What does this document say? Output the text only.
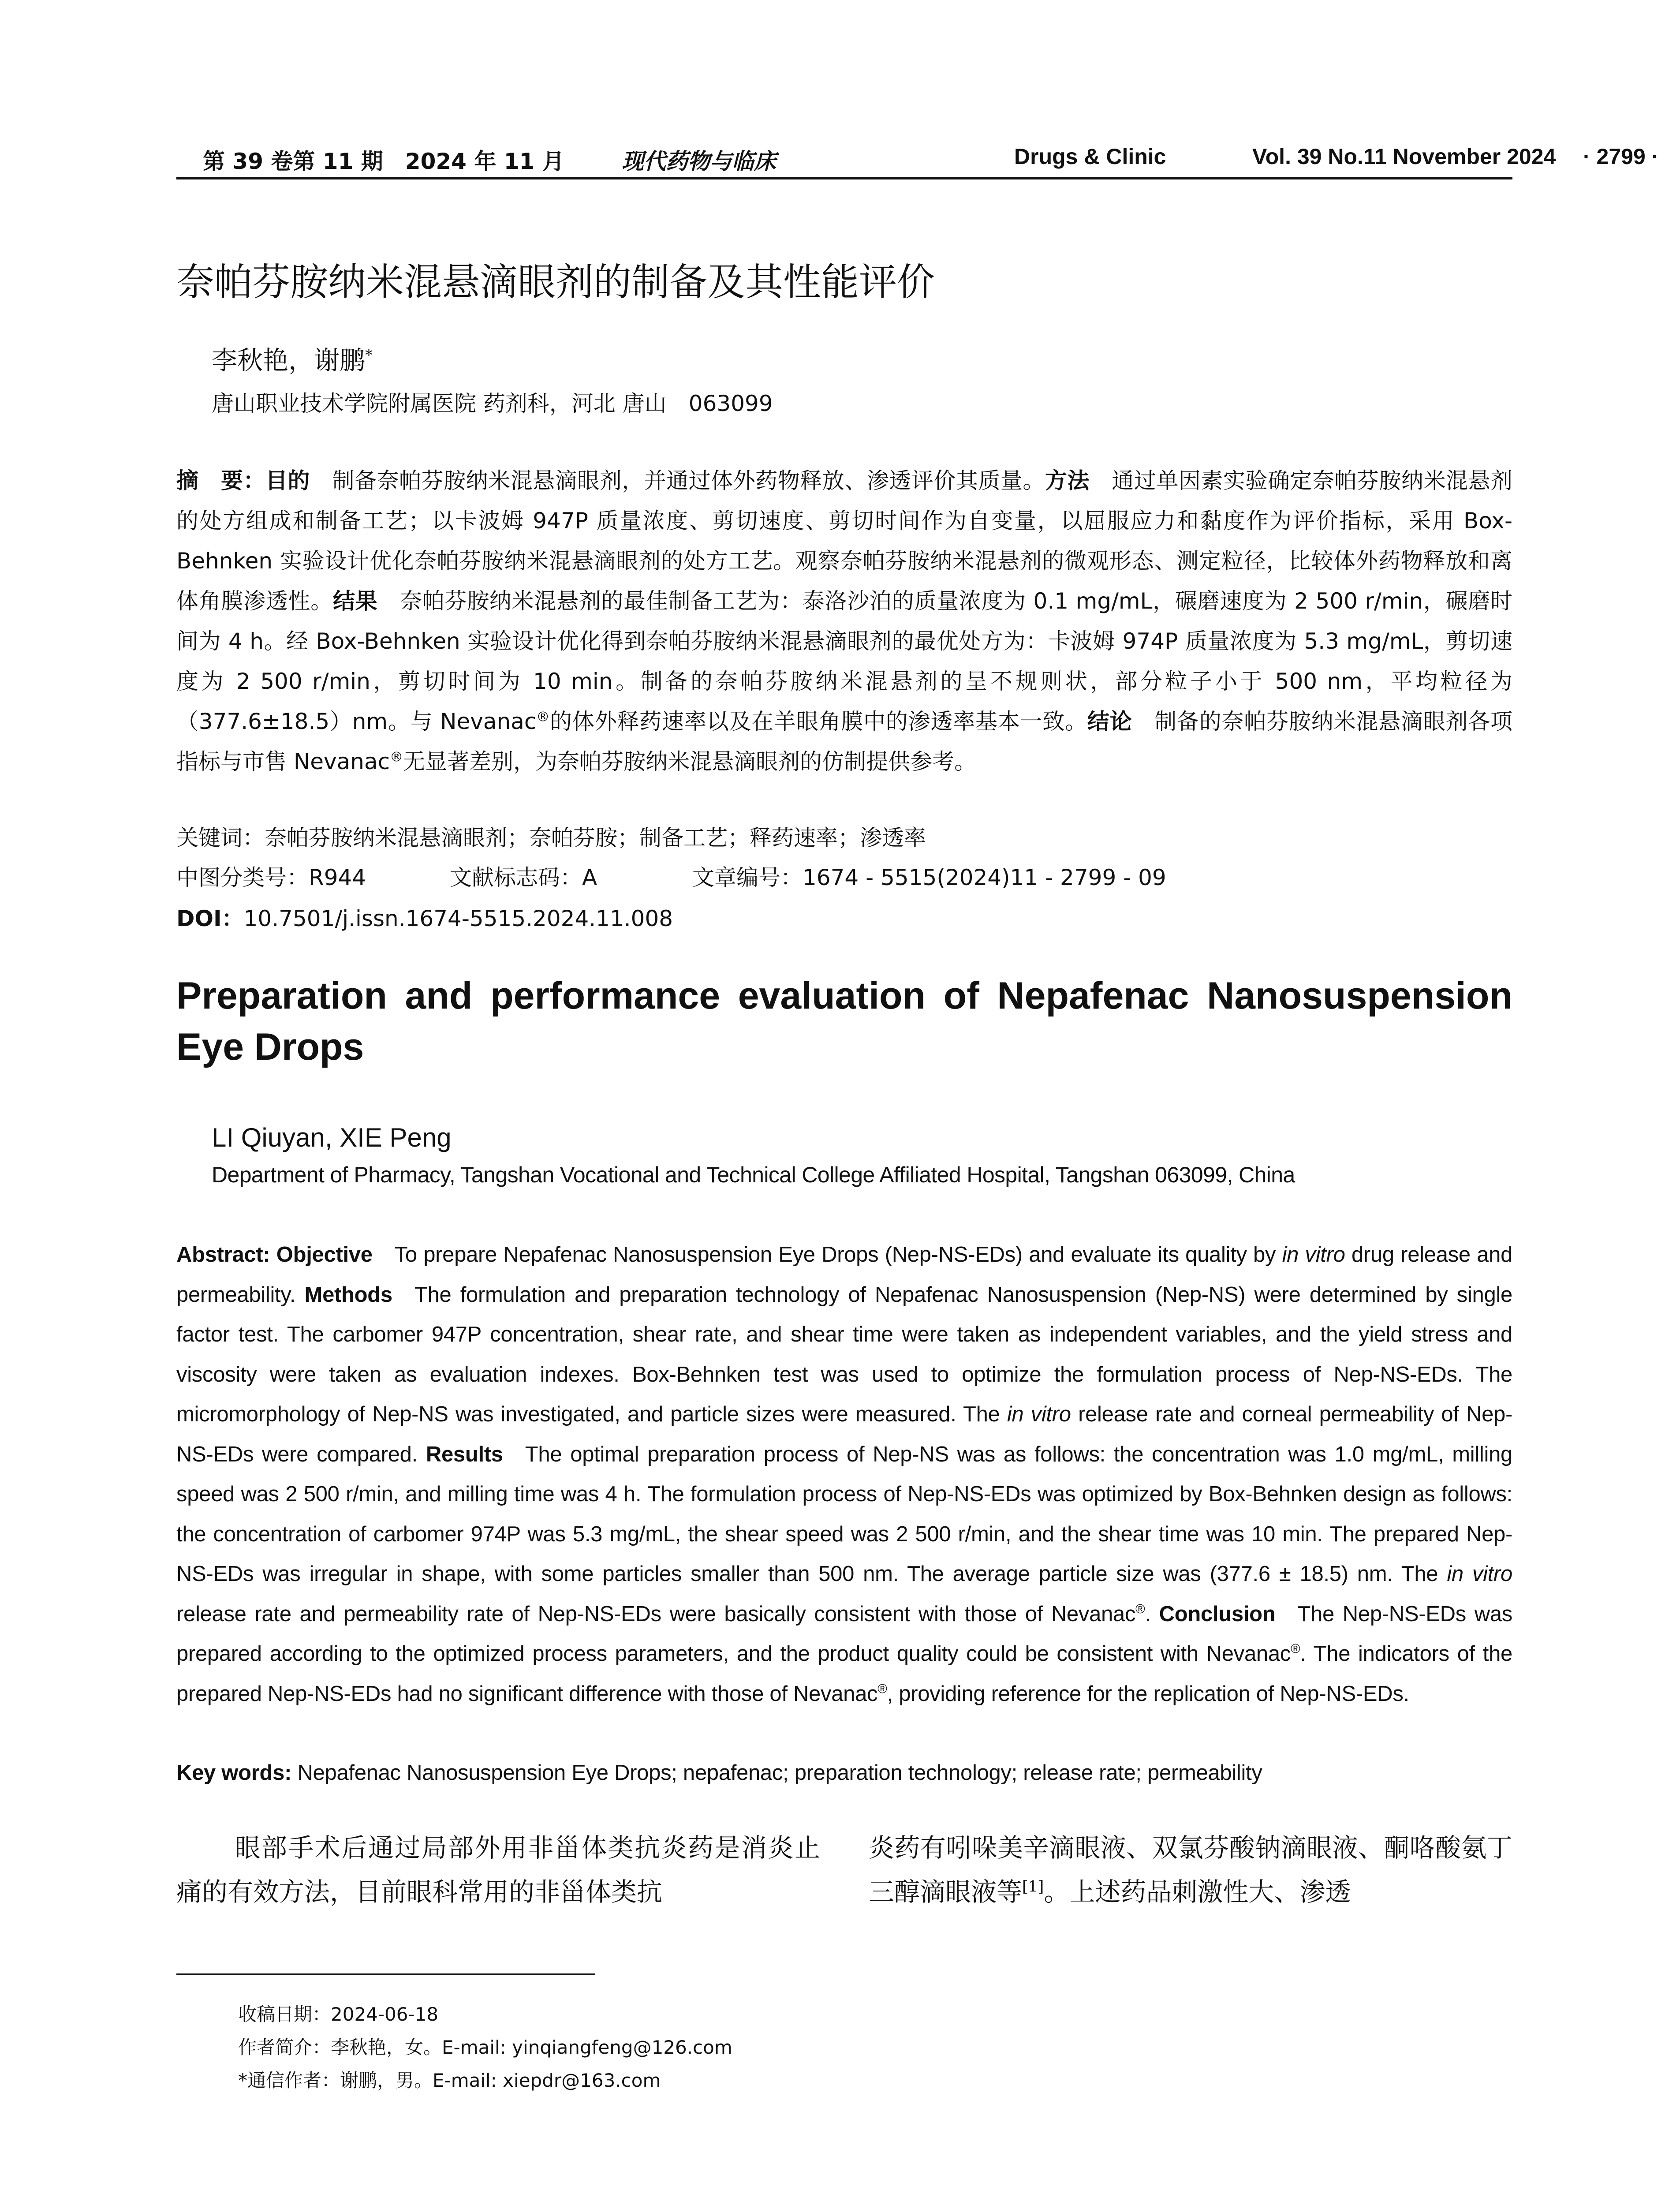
第 39 卷第 11 期　2024 年 11 月	现代药物与临床	Drugs & Clinic	Vol. 39 No.11 November 2024 · 2799 ·
奈帕芬胺纳米混悬滴眼剂的制备及其性能评价
李秋艳，谢鹏*
唐山职业技术学院附属医院 药剂科，河北 唐山　063099
摘　要：目的 制备奈帕芬胺纳米混悬滴眼剂，并通过体外药物释放、渗透评价其质量。方法 通过单因素实验确定奈帕芬胺纳米混悬剂的处方组成和制备工艺；以卡波姆 947P 质量浓度、剪切速度、剪切时间作为自变量，以屈服应力和黏度作为评价指标，采用 Box-Behnken 实验设计优化奈帕芬胺纳米混悬滴眼剂的处方工艺。观察奈帕芬胺纳米混悬剂的微观形态、测定粒径，比较体外药物释放和离体角膜渗透性。结果 奈帕芬胺纳米混悬剂的最佳制备工艺为：泰洛沙泊的质量浓度为 0.1 mg/mL，碾磨速度为 2 500 r/min，碾磨时间为 4 h。经 Box-Behnken 实验设计优化得到奈帕芬胺纳米混悬滴眼剂的最优处方为：卡波姆 974P 质量浓度为 5.3 mg/mL，剪切速度为 2 500 r/min，剪切时间为 10 min。制备的奈帕芬胺纳米混悬剂的呈不规则状，部分粒子小于 500 nm，平均粒径为（377.6±18.5）nm。与 Nevanac®的体外释药速率以及在羊眼角膜中的渗透率基本一致。结论 制备的奈帕芬胺纳米混悬滴眼剂各项指标与市售 Nevanac®无显著差别，为奈帕芬胺纳米混悬滴眼剂的仿制提供参考。
关键词：奈帕芬胺纳米混悬滴眼剂；奈帕芬胺；制备工艺；释药速率；渗透率
中图分类号：R944	文献标志码：A	文章编号：1674 - 5515(2024)11 - 2799 - 09
DOI：10.7501/j.issn.1674-5515.2024.11.008
Preparation and performance evaluation of Nepafenac Nanosuspension Eye Drops
LI Qiuyan, XIE Peng
Department of Pharmacy, Tangshan Vocational and Technical College Affiliated Hospital, Tangshan 063099, China
Abstract: Objective To prepare Nepafenac Nanosuspension Eye Drops (Nep-NS-EDs) and evaluate its quality by in vitro drug release and permeability. Methods The formulation and preparation technology of Nepafenac Nanosuspension (Nep-NS) were determined by single factor test. The carbomer 947P concentration, shear rate, and shear time were taken as independent variables, and the yield stress and viscosity were taken as evaluation indexes. Box-Behnken test was used to optimize the formulation process of Nep-NS-EDs. The micromorphology of Nep-NS was investigated, and particle sizes were measured. The in vitro release rate and corneal permeability of Nep-NS-EDs were compared. Results The optimal preparation process of Nep-NS was as follows: the concentration was 1.0 mg/mL, milling speed was 2 500 r/min, and milling time was 4 h. The formulation process of Nep-NS-EDs was optimized by Box-Behnken design as follows: the concentration of carbomer 974P was 5.3 mg/mL, the shear speed was 2 500 r/min, and the shear time was 10 min. The prepared Nep-NS-EDs was irregular in shape, with some particles smaller than 500 nm. The average particle size was (377.6 ± 18.5) nm. The in vitro release rate and permeability rate of Nep-NS-EDs were basically consistent with those of Nevanac®. Conclusion The Nep-NS-EDs was prepared according to the optimized process parameters, and the product quality could be consistent with Nevanac®. The indicators of the prepared Nep-NS-EDs had no significant difference with those of Nevanac®, providing reference for the replication of Nep-NS-EDs.
Key words: Nepafenac Nanosuspension Eye Drops; nepafenac; preparation technology; release rate; permeability
眼部手术后通过局部外用非甾体类抗炎药是消炎止痛的有效方法，目前眼科常用的非甾体类抗
炎药有吲哚美辛滴眼液、双氯芬酸钠滴眼液、酮咯酸氨丁三醇滴眼液等[1]。上述药品刺激性大、渗透
收稿日期：2024-06-18
作者简介：李秋艳，女。E-mail: yinqiangfeng@126.com
*通信作者：谢鹏，男。E-mail: xiepdr@163.com
